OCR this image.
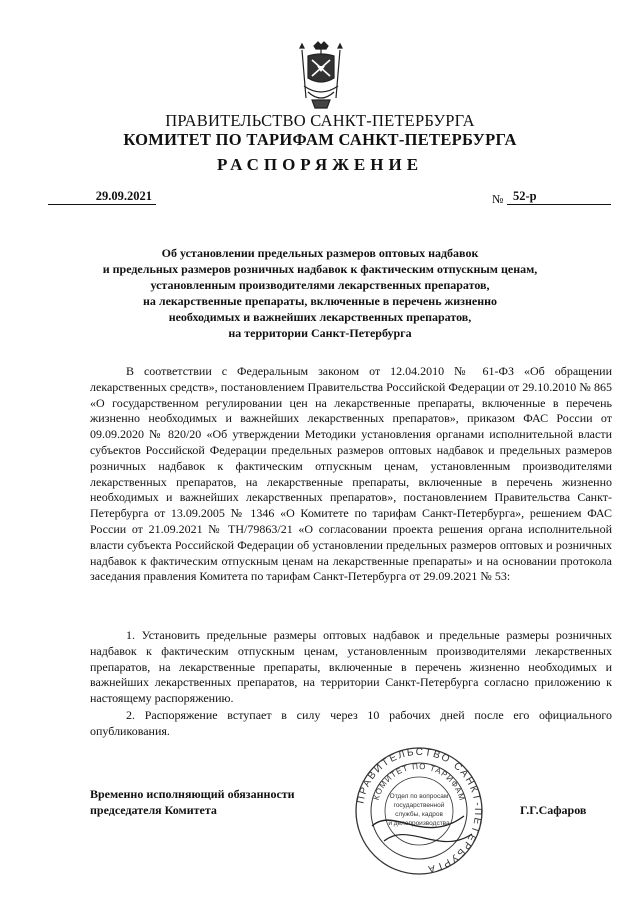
ПРАВИТЕЛЬСТВО САНКТ-ПЕТЕРБУРГА
КОМИТЕТ ПО ТАРИФАМ САНКТ-ПЕТЕРБУРГА
РАСПОРЯЖЕНИЕ
29.09.2021	№ 52-р
Об установлении предельных размеров оптовых надбавок
и предельных размеров розничных надбавок к фактическим отпускным ценам,
установленным производителями лекарственных препаратов,
на лекарственные препараты, включенные в перечень жизненно
необходимых и важнейших лекарственных препаратов,
на территории Санкт-Петербурга

В соответствии с Федеральным законом от 12.04.2010 № 61-ФЗ «Об обращении лекарственных средств», постановлением Правительства Российской Федерации от 29.10.2010 № 865 «О государственном регулировании цен на лекарственные препараты, включенные в перечень жизненно необходимых и важнейших лекарственных препаратов», приказом ФАС России от 09.09.2020 № 820/20 «Об утверждении Методики установления органами исполнительной власти субъектов Российской Федерации предельных размеров оптовых надбавок и предельных размеров розничных надбавок к фактическим отпускным ценам, установленным производителями лекарственных препаратов, на лекарственные препараты, включенные в перечень жизненно необходимых и важнейших лекарственных препаратов», постановлением Правительства Санкт-Петербурга от 13.09.2005 № 1346 «О Комитете по тарифам Санкт-Петербурга», решением ФАС России от 21.09.2021 № ТН/79863/21 «О согласовании проекта решения органа исполнительной власти субъекта Российской Федерации об установлении предельных размеров оптовых и розничных надбавок к фактическим отпускным ценам на лекарственные препараты» и на основании протокола заседания правления Комитета по тарифам Санкт-Петербурга от 29.09.2021 № 53:

1. Установить предельные размеры оптовых надбавок и предельные размеры розничных надбавок к фактическим отпускным ценам, установленным производителями лекарственных препаратов, на лекарственные препараты, включенные в перечень жизненно необходимых и важнейших лекарственных препаратов, на территории Санкт-Петербурга согласно приложению к настоящему распоряжению.

2. Распоряжение вступает в силу через 10 рабочих дней после его официального опубликования.

Временно исполняющий обязанности
председателя Комитета
ПРАВИТЕЛЬСТВО САНКТ-ПЕТЕРБУРГА
КОМИТЕТ ПО ТАРИФАМ
Отдел по вопросам
государственной
службы, кадров
и делопроизводства
Г.Г.Сафаров
